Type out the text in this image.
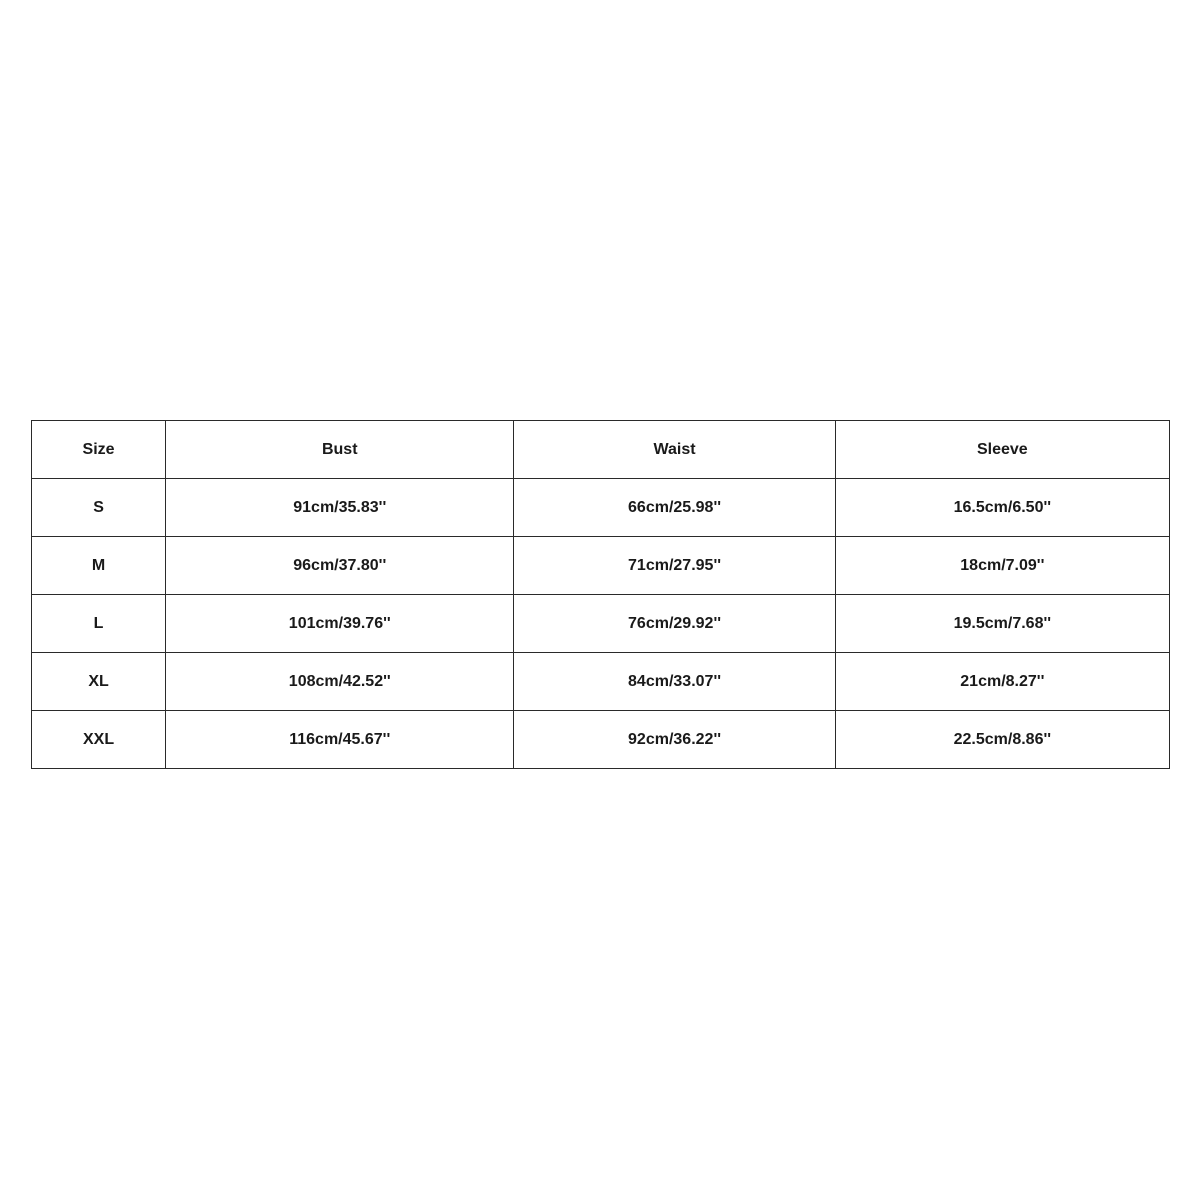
Size	Bust	Waist	Sleeve
S	91cm/35.83''	66cm/25.98''	16.5cm/6.50''
M	96cm/37.80''	71cm/27.95''	18cm/7.09''
L	101cm/39.76''	76cm/29.92''	19.5cm/7.68''
XL	108cm/42.52''	84cm/33.07''	21cm/8.27''
XXL	116cm/45.67''	92cm/36.22''	22.5cm/8.86''
